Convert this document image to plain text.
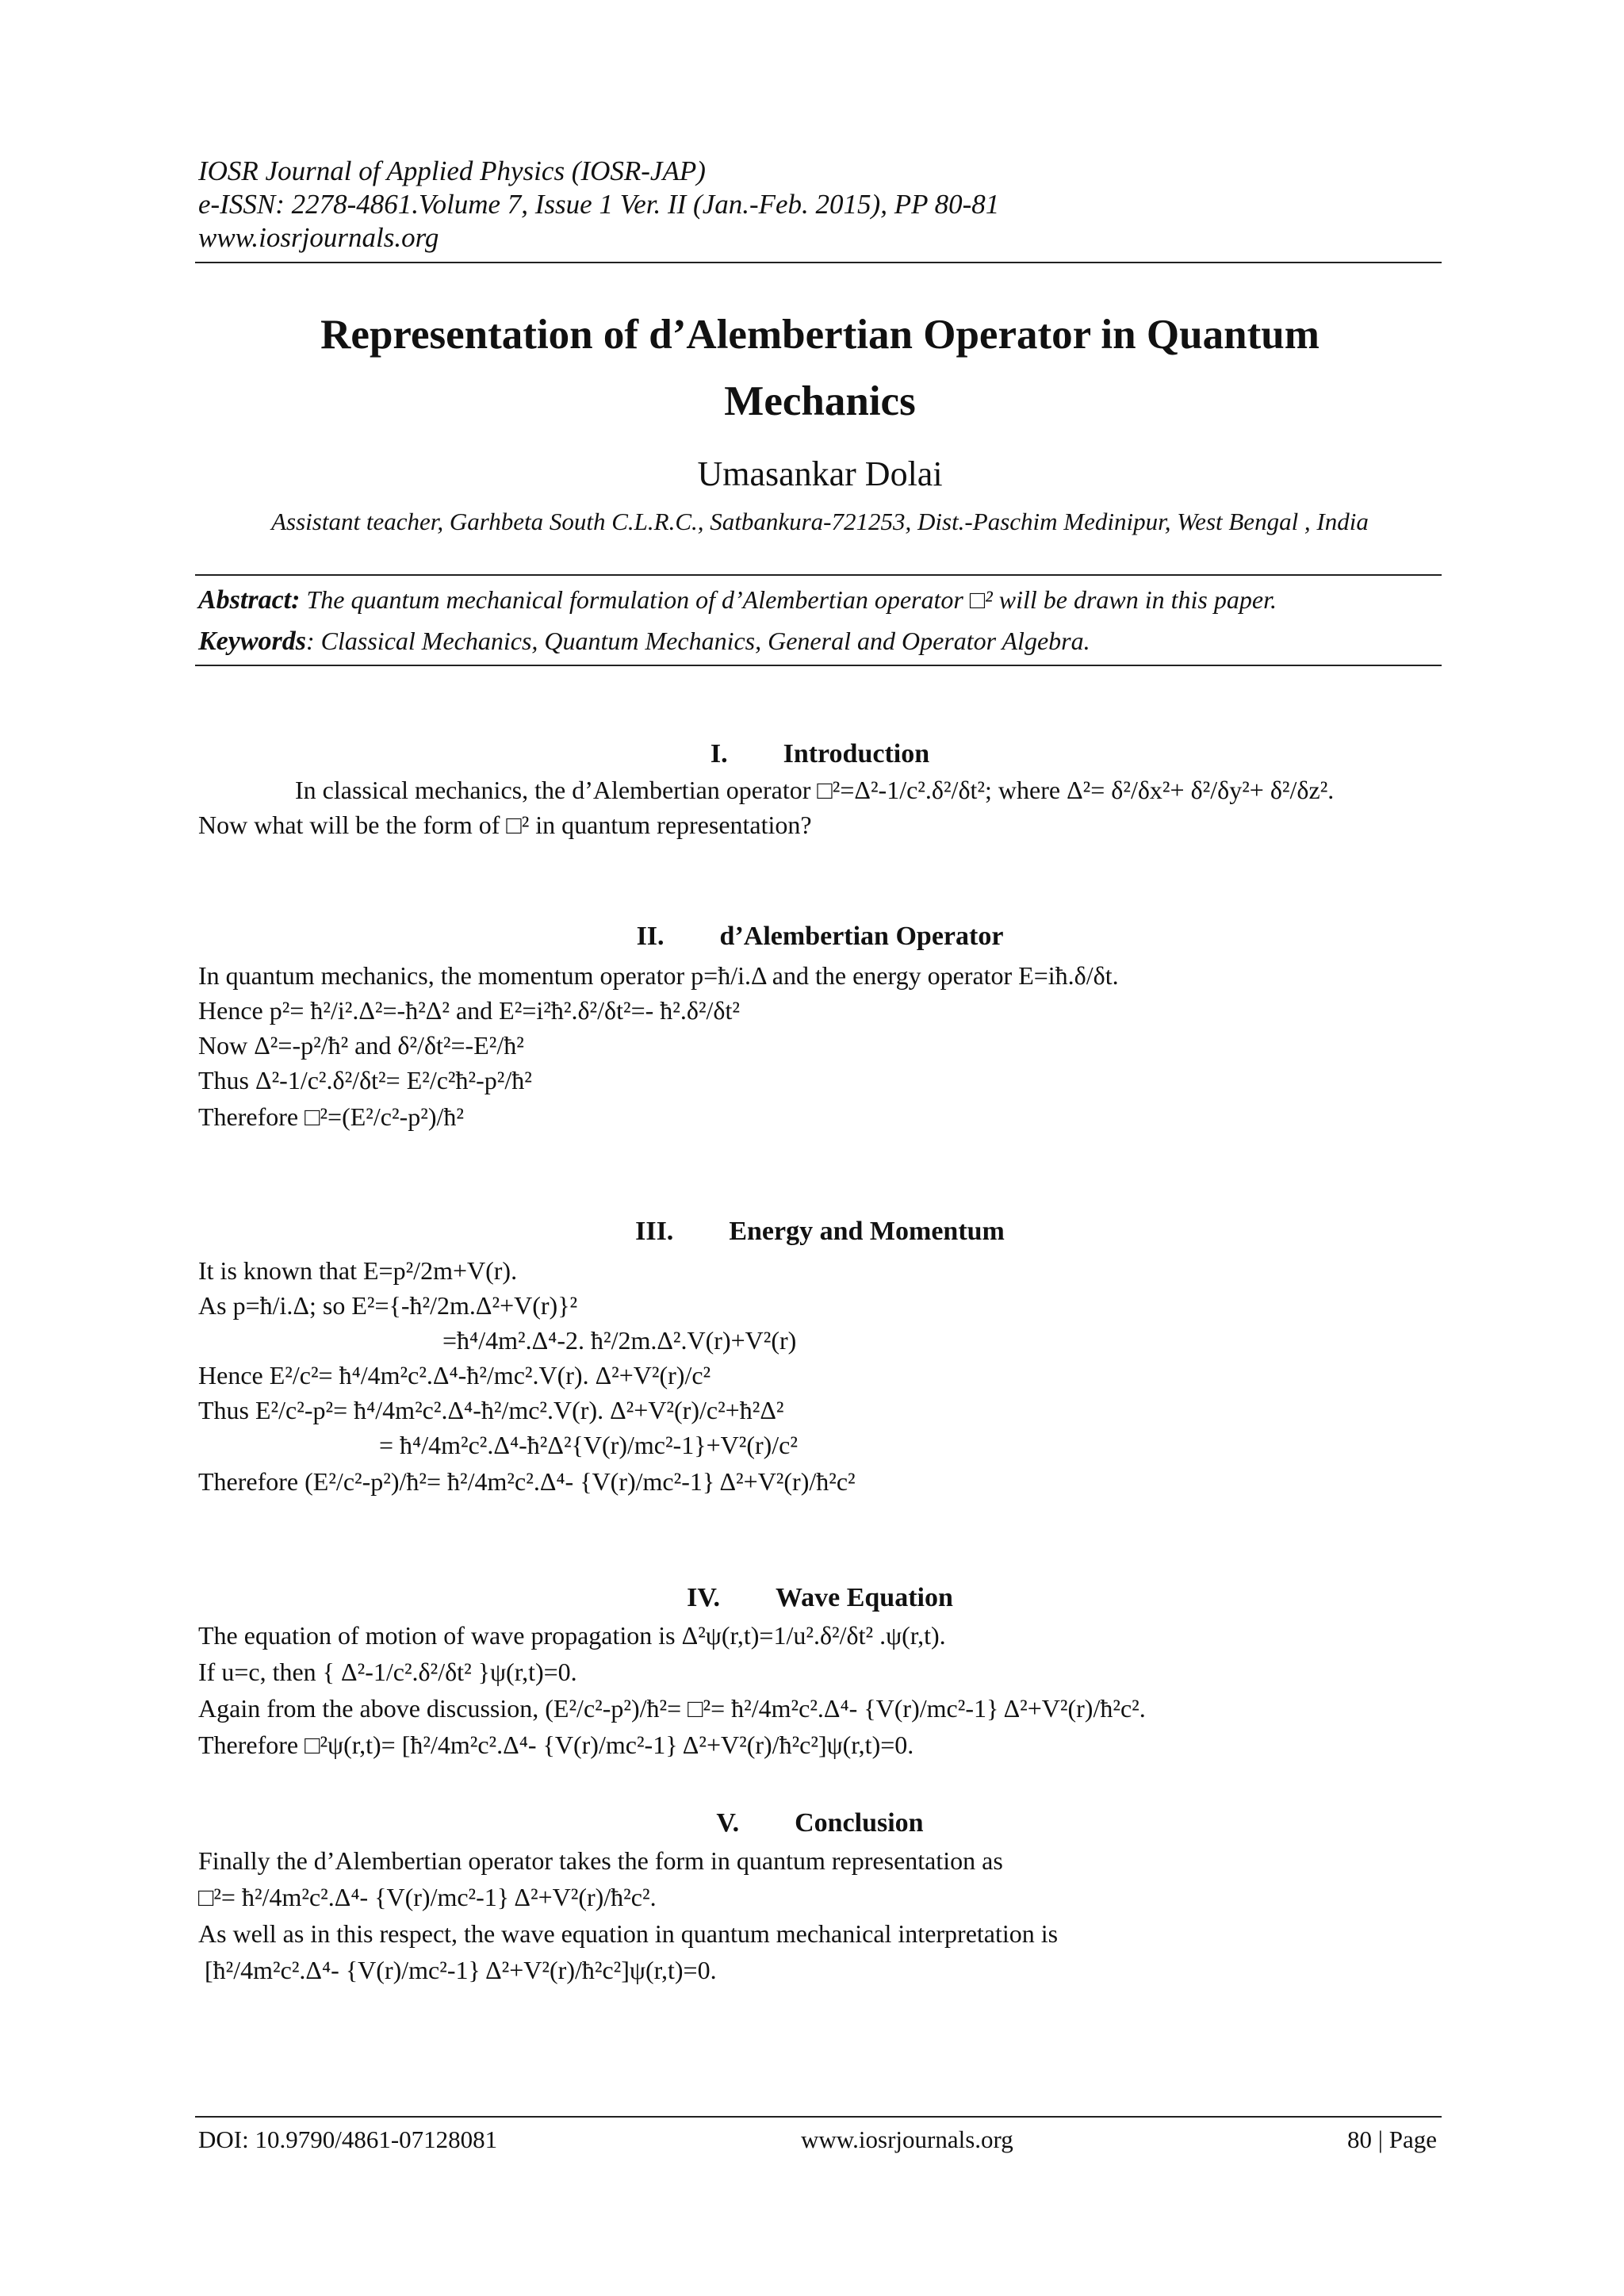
IOSR Journal of Applied Physics (IOSR-JAP)
e-ISSN: 2278-4861.Volume 7, Issue 1 Ver. II (Jan.-Feb. 2015), PP 80-81
www.iosrjournals.org
Representation of d’Alembertian Operator in Quantum
Mechanics
Umasankar Dolai
Assistant teacher, Garhbeta South C.L.R.C., Satbankura-721253, Dist.-Paschim Medinipur, West Bengal , India
Abstract: The quantum mechanical formulation of d’Alembertian operator □² will be drawn in this paper.
Keywords: Classical Mechanics, Quantum Mechanics, General and Operator Algebra.
I. Introduction
In classical mechanics, the d’Alembertian operator □²=Δ²-1/c².δ²/δt²; where Δ²= δ²/δx²+ δ²/δy²+ δ²/δz².
Now what will be the form of □² in quantum representation?
II. d’Alembertian Operator
In quantum mechanics, the momentum operator p=ħ/i.Δ and the energy operator E=iħ.δ/δt.
Hence p²= ħ²/i².Δ²=-ħ²Δ² and E²=i²ħ².δ²/δt²=- ħ².δ²/δt²
Now Δ²=-p²/ħ² and δ²/δt²=-E²/ħ²
Thus Δ²-1/c².δ²/δt²= E²/c²ħ²-p²/ħ²
Therefore □²=(E²/c²-p²)/ħ²
III. Energy and Momentum
It is known that E=p²/2m+V(r).
As p=ħ/i.Δ; so E²={-ħ²/2m.Δ²+V(r)}²
=ħ⁴/4m².Δ⁴-2. ħ²/2m.Δ².V(r)+V²(r)
Hence E²/c²= ħ⁴/4m²c².Δ⁴-ħ²/mc².V(r). Δ²+V²(r)/c²
Thus E²/c²-p²= ħ⁴/4m²c².Δ⁴-ħ²/mc².V(r). Δ²+V²(r)/c²+ħ²Δ²
= ħ⁴/4m²c².Δ⁴-ħ²Δ²{V(r)/mc²-1}+V²(r)/c²
Therefore (E²/c²-p²)/ħ²= ħ²/4m²c².Δ⁴- {V(r)/mc²-1} Δ²+V²(r)/ħ²c²
IV. Wave Equation
The equation of motion of wave propagation is Δ²ψ(r,t)=1/u².δ²/δt² .ψ(r,t).
If u=c, then { Δ²-1/c².δ²/δt² }ψ(r,t)=0.
Again from the above discussion, (E²/c²-p²)/ħ²= □²= ħ²/4m²c².Δ⁴- {V(r)/mc²-1} Δ²+V²(r)/ħ²c².
Therefore □²ψ(r,t)= [ħ²/4m²c².Δ⁴- {V(r)/mc²-1} Δ²+V²(r)/ħ²c²]ψ(r,t)=0.
V. Conclusion
Finally the d’Alembertian operator takes the form in quantum representation as
□²= ħ²/4m²c².Δ⁴- {V(r)/mc²-1} Δ²+V²(r)/ħ²c².
As well as in this respect, the wave equation in quantum mechanical interpretation is
[ħ²/4m²c².Δ⁴- {V(r)/mc²-1} Δ²+V²(r)/ħ²c²]ψ(r,t)=0.
DOI: 10.9790/4861-07128081	www.iosrjournals.org	80 | Page
